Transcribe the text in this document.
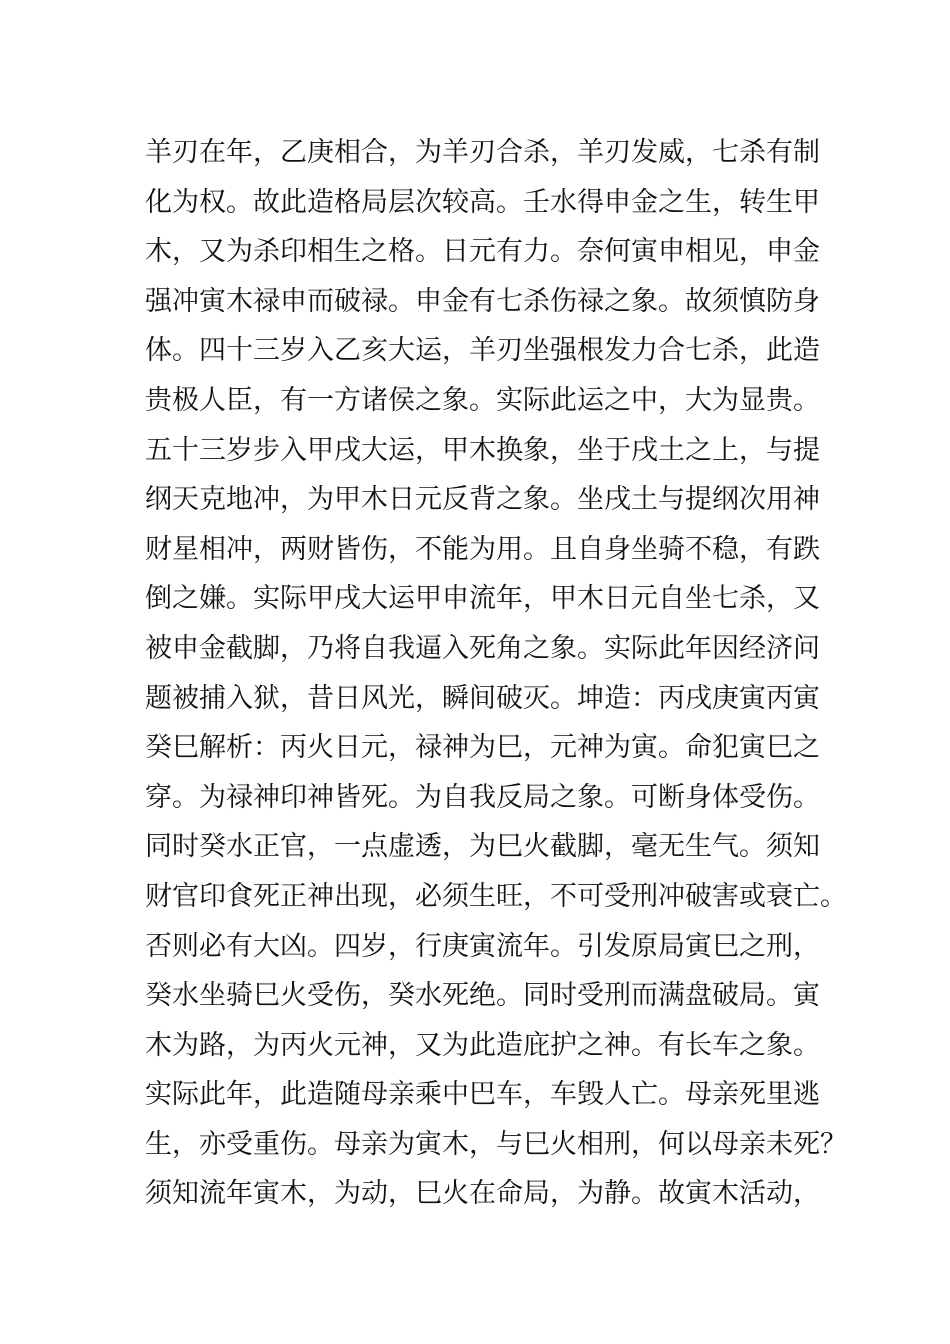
羊刃在年，乙庚相合，为羊刃合杀，羊刃发威，七杀有制
化为权。故此造格局层次较高。壬水得申金之生，转生甲
木，又为杀印相生之格。日元有力。奈何寅申相见，申金
强冲寅木禄申而破禄。申金有七杀伤禄之象。故须慎防身
体。四十三岁入乙亥大运，羊刃坐强根发力合七杀，此造
贵极人臣，有一方诸侯之象。实际此运之中，大为显贵。
五十三岁步入甲戌大运，甲木换象，坐于戌土之上，与提
纲天克地冲，为甲木日元反背之象。坐戌土与提纲次用神
财星相冲，两财皆伤，不能为用。且自身坐骑不稳，有跌
倒之嫌。实际甲戌大运甲申流年，甲木日元自坐七杀，又
被申金截脚，乃将自我逼入死角之象。实际此年因经济问
题被捕入狱，昔日风光，瞬间破灭。坤造：丙戌庚寅丙寅
癸巳解析：丙火日元，禄神为巳，元神为寅。命犯寅巳之
穿。为禄神印神皆死。为自我反局之象。可断身体受伤。
同时癸水正官，一点虚透，为巳火截脚，毫无生气。须知
财官印食死正神出现，必须生旺，不可受刑冲破害或衰亡。
否则必有大凶。四岁，行庚寅流年。引发原局寅巳之刑，
癸水坐骑巳火受伤，癸水死绝。同时受刑而满盘破局。寅
木为路，为丙火元神，又为此造庇护之神。有长车之象。
实际此年，此造随母亲乘中巴车，车毁人亡。母亲死里逃
生，亦受重伤。母亲为寅木，与巳火相刑，何以母亲未死？
须知流年寅木，为动，巳火在命局，为静。故寅木活动，
